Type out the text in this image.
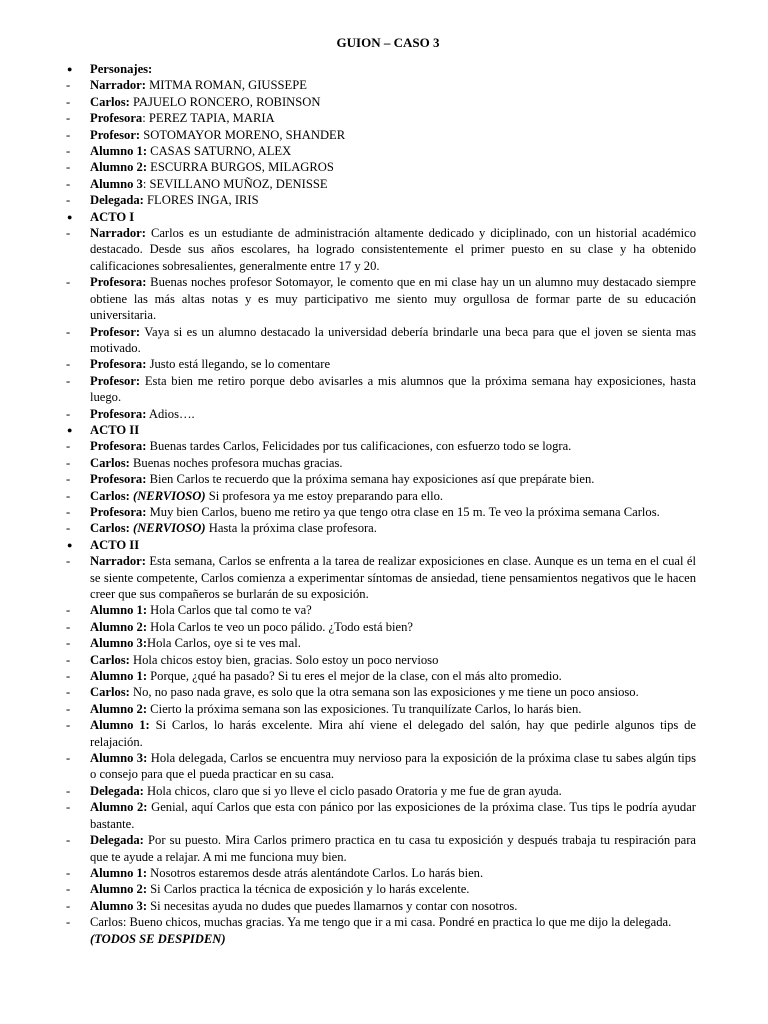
GUION – CASO 3
●	Personajes:
-	Narrador: MITMA ROMAN, GIUSSEPE
-	Carlos: PAJUELO RONCERO, ROBINSON
-	Profesora: PEREZ TAPIA, MARIA
-	Profesor: SOTOMAYOR MORENO, SHANDER
-	Alumno 1: CASAS SATURNO, ALEX
-	Alumno 2: ESCURRA BURGOS, MILAGROS
-	Alumno 3: SEVILLANO MUÑOZ, DENISSE
-	Delegada: FLORES INGA, IRIS
●	ACTO I
-	Narrador: Carlos es un estudiante de administración altamente dedicado y diciplinado, con un historial académico destacado. Desde sus años escolares, ha logrado consistentemente el primer puesto en su clase y ha obtenido calificaciones sobresalientes, generalmente entre 17 y 20.
-	Profesora: Buenas noches profesor Sotomayor, le comento que en mi clase hay un un alumno muy destacado siempre obtiene las más altas notas y es muy participativo me siento muy orgullosa de formar parte de su educación universitaria.
-	Profesor: Vaya si es un alumno destacado la universidad debería brindarle una beca para que el joven se sienta mas motivado.
-	Profesora: Justo está llegando, se lo comentare
-	Profesor: Esta bien me retiro porque debo avisarles a mis alumnos que la próxima semana hay exposiciones, hasta luego.
-	Profesora: Adios….
●	ACTO II
-	Profesora: Buenas tardes Carlos, Felicidades por tus calificaciones, con esfuerzo todo se logra.
-	Carlos: Buenas noches profesora muchas gracias.
-	Profesora: Bien Carlos te recuerdo que la próxima semana hay exposiciones así que prepárate bien.
-	Carlos: (NERVIOSO) Si profesora ya me estoy preparando para ello.
-	Profesora: Muy bien Carlos, bueno me retiro ya que tengo otra clase en 15 m. Te veo la próxima semana Carlos.
-	Carlos: (NERVIOSO) Hasta la próxima clase profesora.
●	ACTO II
-	Narrador: Esta semana, Carlos se enfrenta a la tarea de realizar exposiciones en clase. Aunque es un tema en el cual él se siente competente, Carlos comienza a experimentar síntomas de ansiedad, tiene pensamientos negativos que le hacen creer que sus compañeros se burlarán de su exposición.
-	Alumno 1: Hola Carlos que tal como te va?
-	Alumno 2: Hola Carlos te veo un poco pálido. ¿Todo está bien?
-	Alumno 3:Hola Carlos, oye si te ves mal.
-	Carlos: Hola chicos estoy bien, gracias. Solo estoy un poco nervioso
-	Alumno 1: Porque, ¿qué ha pasado? Si tu eres el mejor de la clase, con el más alto promedio.
-	Carlos: No, no paso nada grave, es solo que la otra semana son las exposiciones y me tiene un poco ansioso.
-	Alumno 2: Cierto la próxima semana son las exposiciones. Tu tranquilízate Carlos, lo harás bien.
-	Alumno 1: Si Carlos, lo harás excelente. Mira ahí viene el delegado del salón, hay que pedirle algunos tips de relajación.
-	Alumno 3: Hola delegada, Carlos se encuentra muy nervioso para la exposición de la próxima clase tu sabes algún tips o consejo para que el pueda practicar en su casa.
-	Delegada: Hola chicos, claro que si yo lleve el ciclo pasado Oratoria y me fue de gran ayuda.
-	Alumno 2: Genial, aquí Carlos que esta con pánico por las exposiciones de la próxima clase. Tus tips le podría ayudar bastante.
-	Delegada: Por su puesto. Mira Carlos primero practica en tu casa tu exposición y después trabaja tu respiración para que te ayude a relajar. A mi me funciona muy bien.
-	Alumno 1: Nosotros estaremos desde atrás alentándote Carlos. Lo harás bien.
-	Alumno 2: Si Carlos practica la técnica de exposición y lo harás excelente.
-	Alumno 3: Si necesitas ayuda no dudes que puedes llamarnos y contar con nosotros.
-	Carlos: Bueno chicos, muchas gracias. Ya me tengo que ir a mi casa. Pondré en practica lo que me dijo la delegada.
(TODOS SE DESPIDEN)
